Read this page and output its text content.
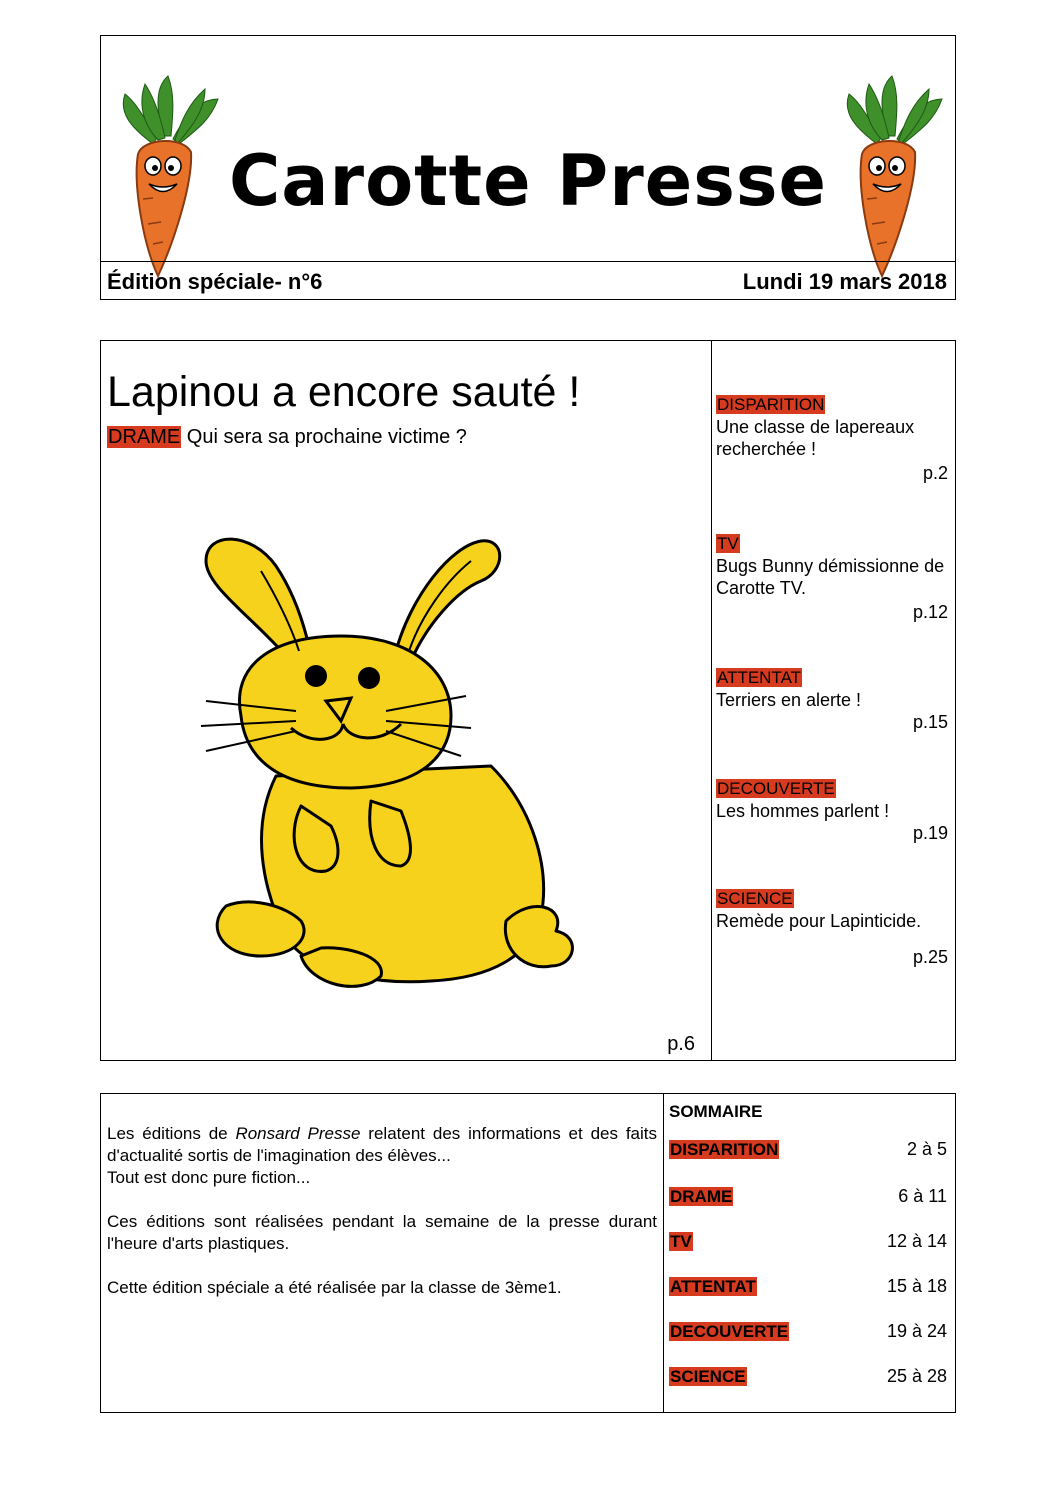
Carotte Presse
Édition spéciale- n°6	Lundi 19 mars 2018
Lapinou a encore sauté !
DRAME Qui sera sa prochaine victime ?
p.6
DISPARITION
Une classe de lapereaux recherchée !
p.2
TV
Bugs Bunny démissionne de Carotte TV.
p.12
ATTENTAT
Terriers en alerte !
p.15
DECOUVERTE
Les hommes parlent !
p.19
SCIENCE
Remède pour Lapinticide.
p.25

Les éditions de Ronsard Presse relatent des informations et des faits d'actualité sortis de l'imagination des élèves...
Tout est donc pure fiction...

Ces éditions sont réalisées pendant la semaine de la presse durant l'heure d'arts plastiques.

Cette édition spéciale a été réalisée par la classe de 3ème1.

SOMMAIRE
DISPARITION	2 à 5
DRAME	6 à 11
TV	12 à 14
ATTENTAT	15 à 18
DECOUVERTE	19 à 24
SCIENCE	25 à 28
